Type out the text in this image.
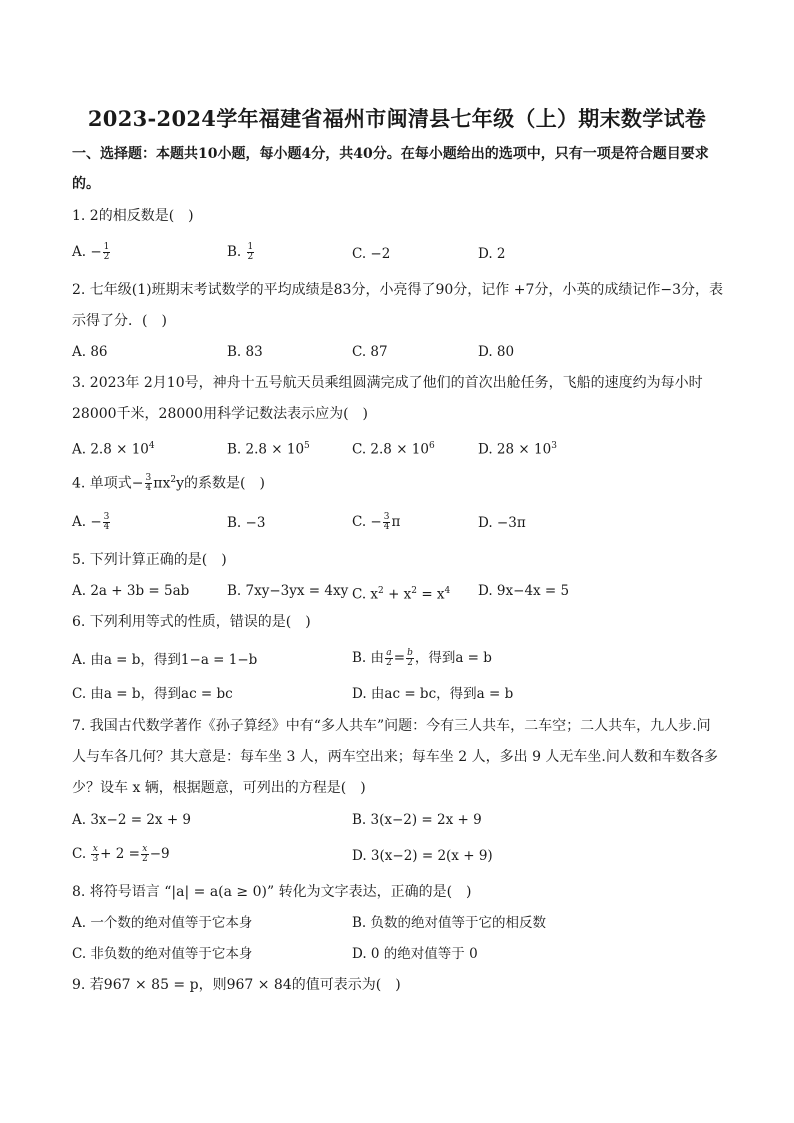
2023-2024学年福建省福州市闽清县七年级（上）期末数学试卷
一、选择题：本题共10小题，每小题4分，共40分。在每小题给出的选项中，只有一项是符合题目要求
的。
1. 2的相反数是(　)
A. − $\frac{1}{2}$	B. $\frac{1}{2}$	C. −2	D. 2
2. 七年级(1)班期末考试数学的平均成绩是83分，小亮得了90分，记作 +7分，小英的成绩记作−3分，表
示得了分．(　)
A. 86	B. 83	C. 87	D. 80
3. 2023年 2月10号，神舟十五号航天员乘组圆满完成了他们的首次出舱任务，飞船的速度约为每小时
28000千米，28000用科学记数法表示应为(　)
A. $2.8 \times 10^4$	B. $2.8 \times 10^5$	C. $2.8 \times 10^6$	D. $28 \times 10^3$
4. 单项式− $\frac{3}{4} \pi x^2y$的系数是(　)
A. − $\frac{3}{4}$	B. −3	C. − $\frac{3}{4}$ π	D. −3π
5. 下列计算正确的是(　)
A. 2a + 3b = 5ab	B. 7xy−3yx = 4xy C. $x^2 + x^2 = x^4$ D. 9x−4x = 5
6. 下列利用等式的性质，错误的是(　)
A. 由a = b，得到1−a = 1−b	B. 由 $\frac{a}{2} = \frac{b}{2}$ ，得到a = b
C. 由a = b，得到ac = bc	D. 由ac = bc，得到a = b
7. 我国古代数学著作《孙子算经》中有“多人共车”问题：今有三人共车，二车空；二人共车，九人步.问
人与车各几何？其大意是：每车坐 3 人，两车空出来；每车坐 2 人，多出 9 人无车坐.问人数和车数各多
少？设车 x 辆，根据题意，可列出的方程是(　)
A. 3x−2 = 2x + 9	B. 3(x−2) = 2x + 9
C. $\frac{x}{3} + 2 = \frac{x}{2} -9$	D. 3(x−2) = 2(x + 9)
8. 将符号语言 “|a| = a(a ≥ 0)” 转化为文字表达，正确的是(　)
A. 一个数的绝对值等于它本身	B. 负数的绝对值等于它的相反数
C. 非负数的绝对值等于它本身	D. 0 的绝对值等于 0
9. 若967 × 85 = p，则967 × 84的值可表示为(　)
